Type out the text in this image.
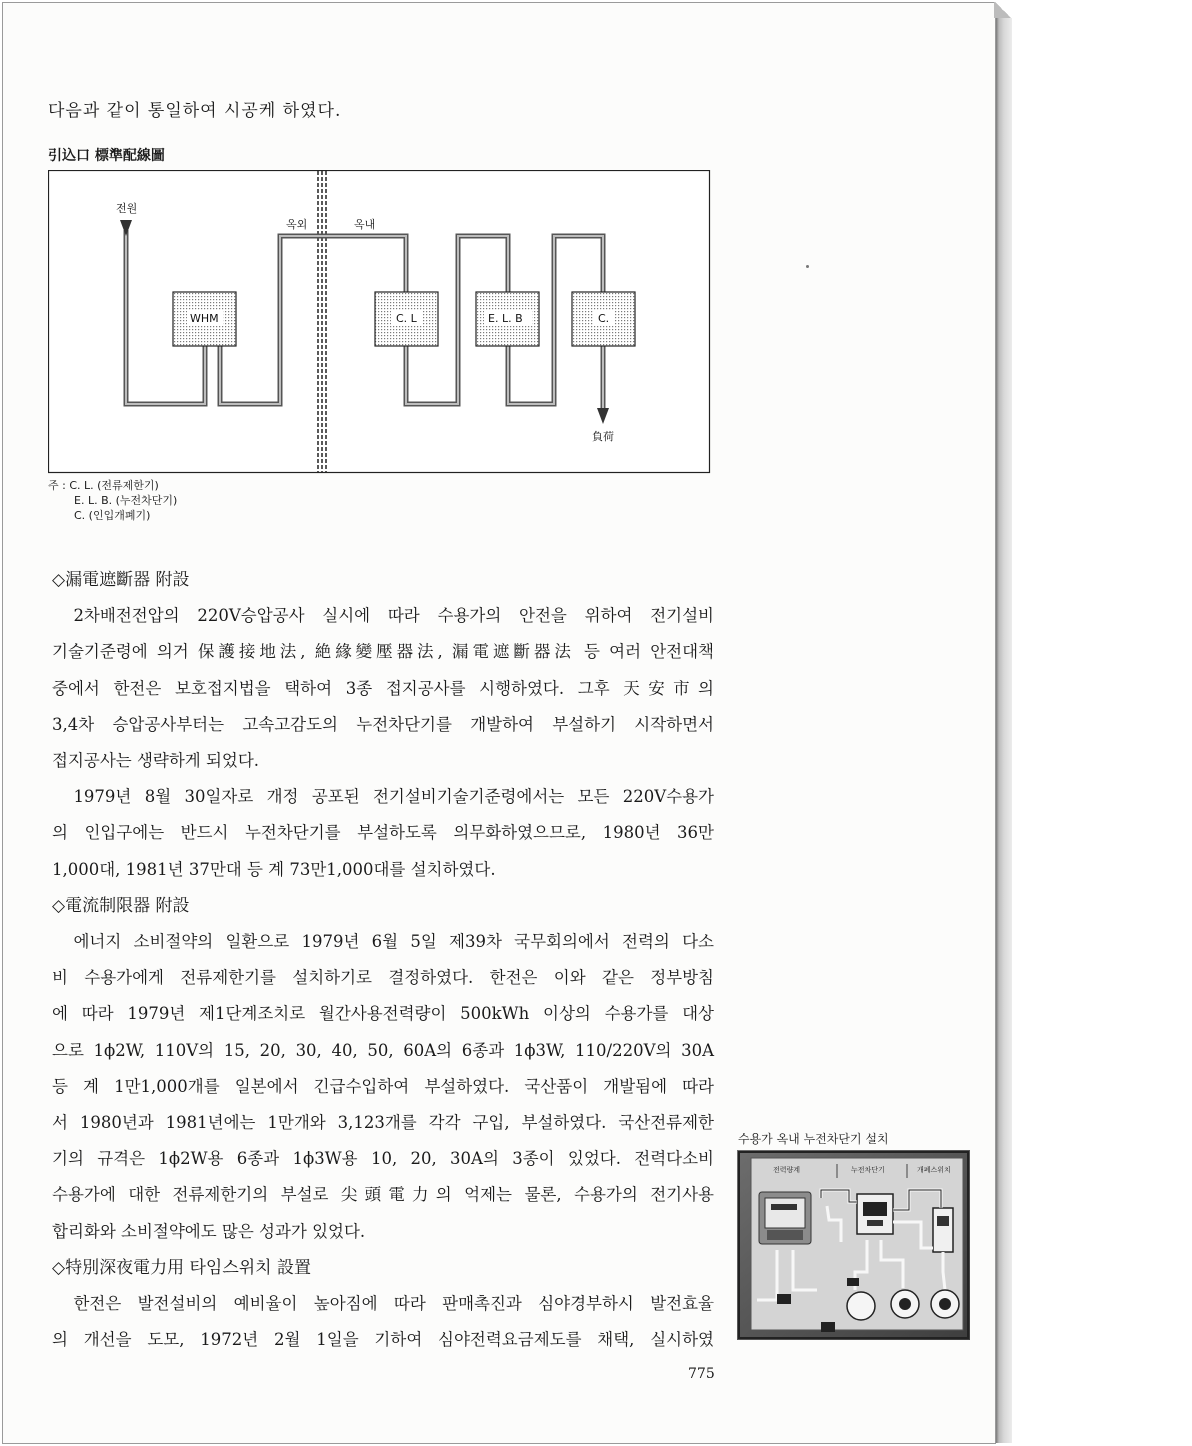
다음과 같이 통일하여 시공케 하였다.
引込口 標準配線圖
전원
옥외	옥내
負荷
WHM	C. L	E. L. B	C.
주 : C. L. (전류제한기)
E. L. B. (누전차단기)
C. (인입개폐기)
◇漏電遮斷器 附設

2차배전전압의 220V승압공사 실시에 따라 수용가의 안전을 위하여 전기설비

기술기준령에 의거 保護接地法, 絶緣變壓器法, 漏電遮斷器法 등 여러 안전대책
중에서 한전은 보호접지법을 택하여 3종 접지공사를 시행하였다. 그후 天安市의
3,4차 승압공사부터는 고속고감도의 누전차단기를 개발하여 부설하기 시작하면서
접지공사는 생략하게 되었다.

1979년 8월 30일자로 개정 공포된 전기설비기술기준령에서는 모든 220V수용가

의 인입구에는 반드시 누전차단기를 부설하도록 의무화하였으므로, 1980년 36만
1,000대, 1981년 37만대 등 계 73만1,000대를 설치하였다.
◇電流制限器 附設

에너지 소비절약의 일환으로 1979년 6월 5일 제39차 국무회의에서 전력의 다소

비 수용가에게 전류제한기를 설치하기로 결정하였다. 한전은 이와 같은 정부방침
에 따라 1979년 제1단계조치로 월간사용전력량이 500kWh 이상의 수용가를 대상
으로 1ϕ2W, 110V의 15, 20, 30, 40, 50, 60A의 6종과 1ϕ3W, 110/220V의 30A
등 계 1만1,000개를 일본에서 긴급수입하여 부설하였다. 국산품이 개발됨에 따라
서 1980년과 1981년에는 1만개와 3,123개를 각각 구입, 부설하였다. 국산전류제한
기의 규격은 1ϕ2W용 6종과 1ϕ3W용 10, 20, 30A의 3종이 있었다. 전력다소비
수용가에 대한 전류제한기의 부설로 尖頭電力의 억제는 물론, 수용가의 전기사용
합리화와 소비절약에도 많은 성과가 있었다.
◇特別深夜電力用 타임스위치 設置

한전은 발전설비의 예비율이 높아짐에 따라 판매촉진과 심야경부하시 발전효율

의 개선을 도모, 1972년 2월 1일을 기하여 심야전력요금제도를 채택, 실시하였
수용가 옥내 누전차단기 설치
전력량계	누전차단기	개폐스위치
775
